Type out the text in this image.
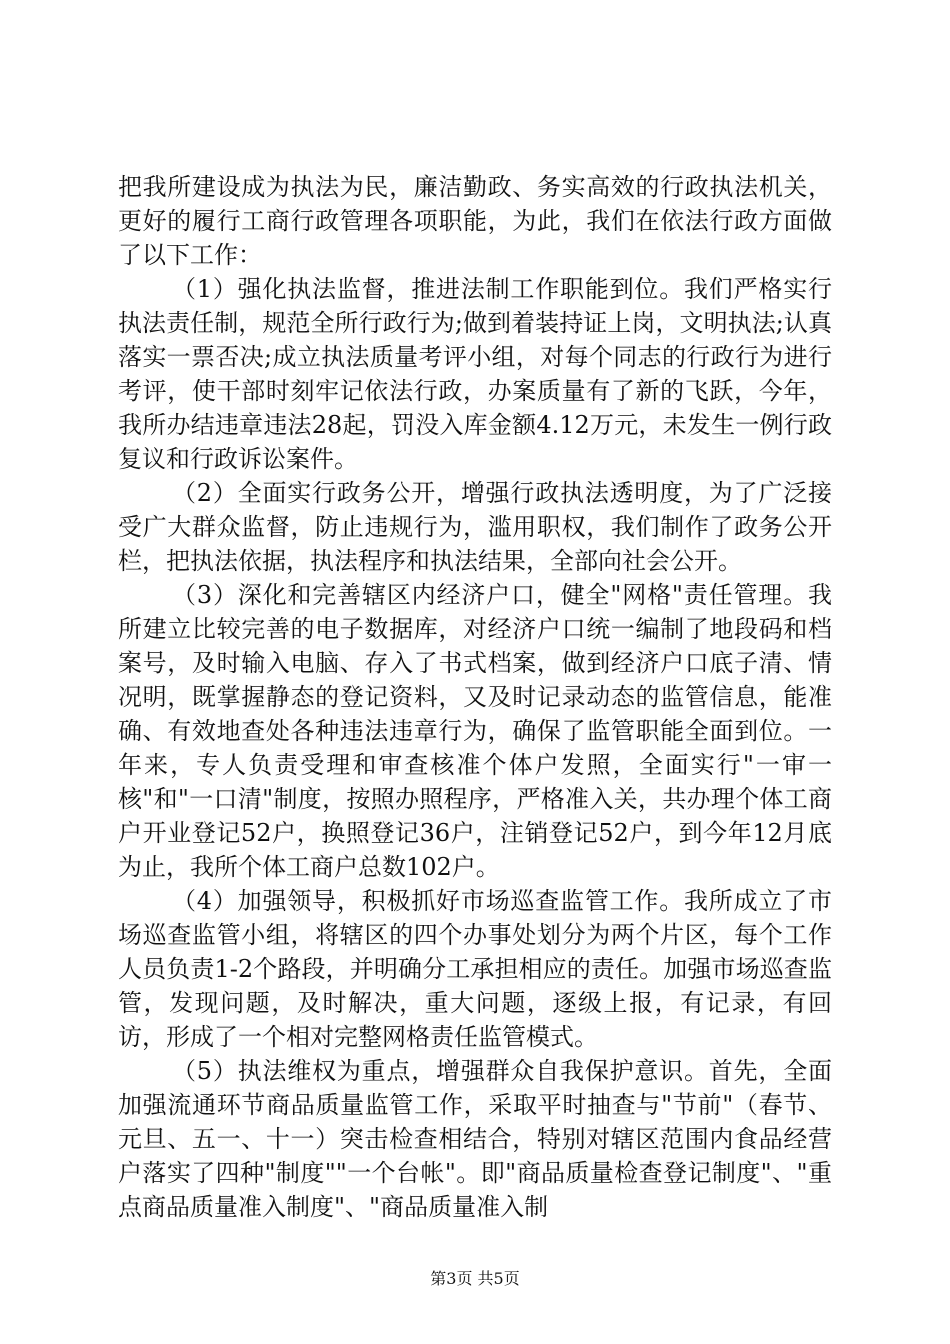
把我所建设成为执法为民，廉洁勤政、务实高效的行政执法机关，更好的履行工商行政管理各项职能，为此，我们在依法行政方面做了以下工作：

（1）强化执法监督，推进法制工作职能到位。我们严格实行执法责任制，规范全所行政行为;做到着装持证上岗，文明执法;认真落实一票否决;成立执法质量考评小组，对每个同志的行政行为进行考评，使干部时刻牢记依法行政，办案质量有了新的飞跃，今年，我所办结违章违法28起，罚没入库金额4.12万元，未发生一例行政复议和行政诉讼案件。

（2）全面实行政务公开，增强行政执法透明度，为了广泛接受广大群众监督，防止违规行为，滥用职权，我们制作了政务公开栏，把执法依据，执法程序和执法结果，全部向社会公开。

（3）深化和完善辖区内经济户口，健全"网格"责任管理。我所建立比较完善的电子数据库，对经济户口统一编制了地段码和档案号，及时输入电脑、存入了书式档案，做到经济户口底子清、情况明，既掌握静态的登记资料，又及时记录动态的监管信息，能准确、有效地查处各种违法违章行为，确保了监管职能全面到位。一年来，专人负责受理和审查核准个体户发照，全面实行"一审一核"和"一口清"制度，按照办照程序，严格准入关，共办理个体工商户开业登记52户，换照登记36户，注销登记52户，到今年12月底为止，我所个体工商户总数102户。

（4）加强领导，积极抓好市场巡查监管工作。我所成立了市场巡查监管小组，将辖区的四个办事处划分为两个片区，每个工作人员负责1-2个路段，并明确分工承担相应的责任。加强市场巡查监管，发现问题，及时解决，重大问题，逐级上报，有记录，有回访，形成了一个相对完整网格责任监管模式。

（5）执法维权为重点，增强群众自我保护意识。首先，全面加强流通环节商品质量监管工作，采取平时抽查与"节前"（春节、元旦、五一、十一）突击检查相结合，特别对辖区范围内食品经营户落实了四种"制度""一个台帐"。即"商品质量检查登记制度"、"重点商品质量准入制度"、"商品质量准入制

第3页 共5页
